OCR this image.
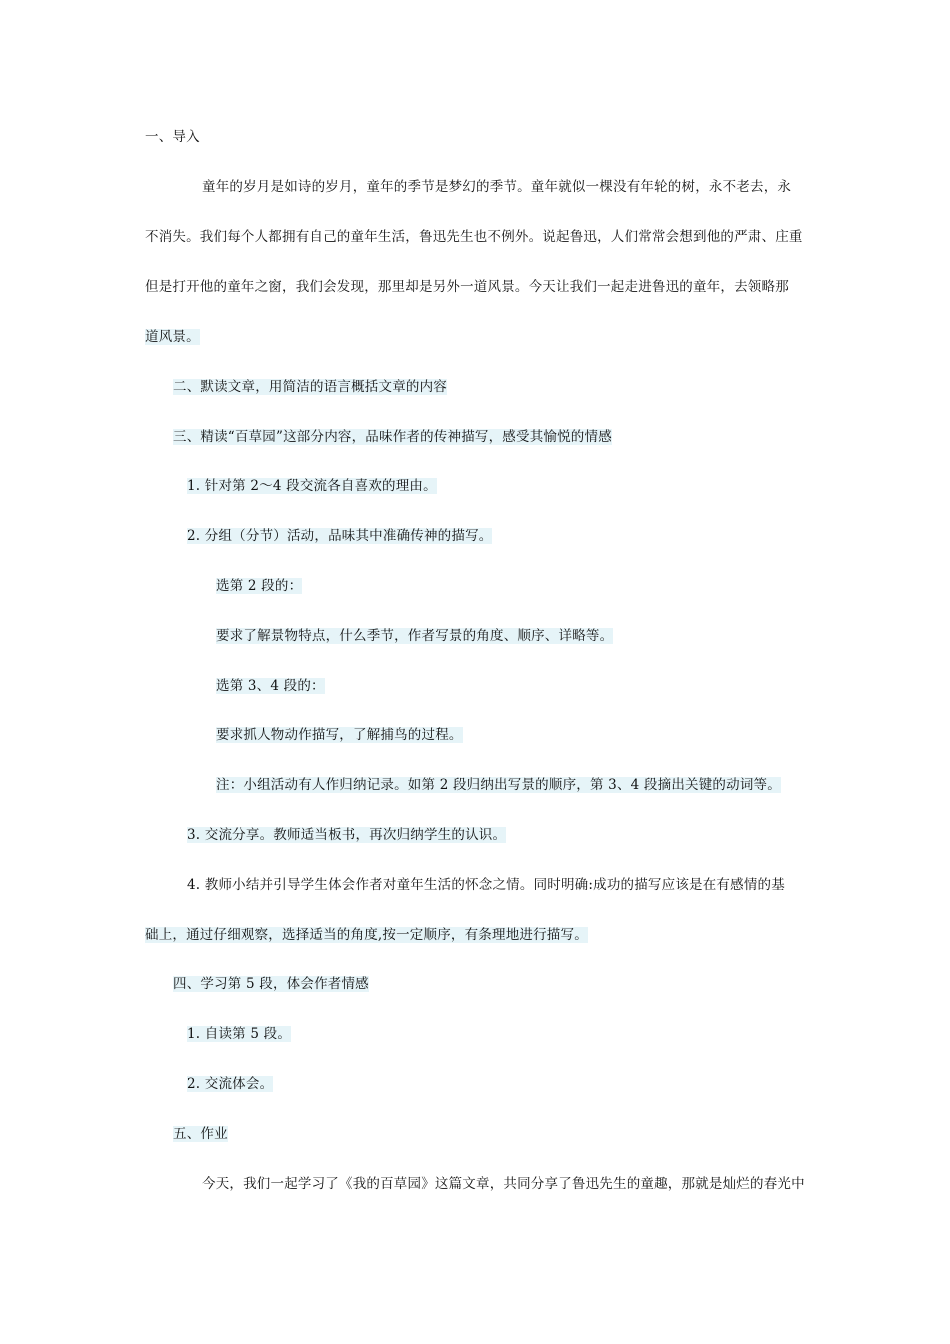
一、导入
童年的岁月是如诗的岁月，童年的季节是梦幻的季节。童年就似一棵没有年轮的树，永不老去，永
不消失。我们每个人都拥有自己的童年生活，鲁迅先生也不例外。说起鲁迅，人们常常会想到他的严肃、庄重
但是打开他的童年之窗，我们会发现，那里却是另外一道风景。今天让我们一起走进鲁迅的童年，去领略那
道风景。
二、默读文章，用简洁的语言概括文章的内容
三、精读“百草园”这部分内容，品味作者的传神描写，感受其愉悦的情感
1. 针对第 2～4 段交流各自喜欢的理由。
2. 分组（分节）活动，品味其中准确传神的描写。
选第 2 段的：
要求了解景物特点，什么季节，作者写景的角度、顺序、详略等。
选第 3、4 段的：
要求抓人物动作描写，了解捕鸟的过程。
注：小组活动有人作归纳记录。如第 2 段归纳出写景的顺序，第 3、4 段摘出关键的动词等。
3. 交流分享。教师适当板书，再次归纳学生的认识。
4. 教师小结并引导学生体会作者对童年生活的怀念之情。同时明确:成功的描写应该是在有感情的基
础上，通过仔细观察，选择适当的角度,按一定顺序，有条理地进行描写。
四、学习第 5 段，体会作者情感
1. 自读第 5 段。
2. 交流体会。
五、作业
今天，我们一起学习了《我的百草园》这篇文章，共同分享了鲁迅先生的童趣，那就是灿烂的春光中
